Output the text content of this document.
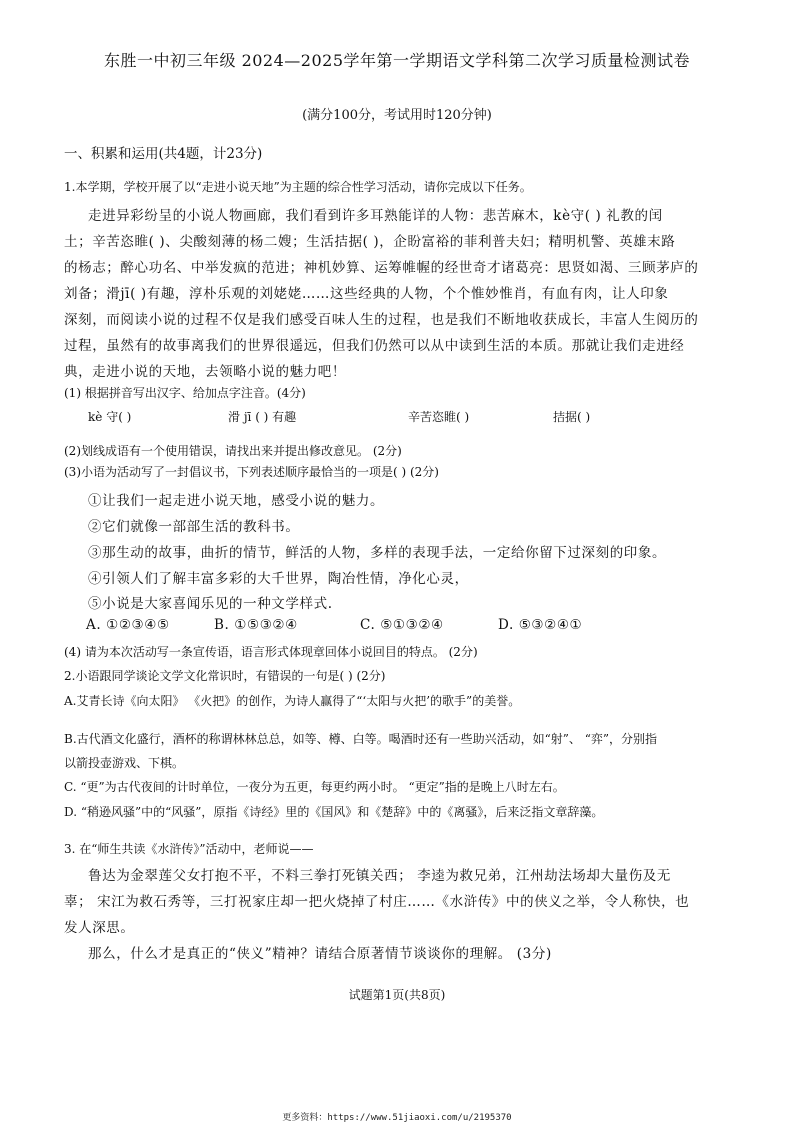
东胜一中初三年级 2024—2025学年第一学期语文学科第二次学习质量检测试卷
(满分100分，考试用时120分钟)
一、积累和运用(共4题，计23分)
1.本学期，学校开展了以“走进小说天地”为主题的综合性学习活动，请你完成以下任务。
走进异彩纷呈的小说人物画廊，我们看到许多耳熟能详的人物：悲苦麻木，kè守( ) 礼教的闰
土；辛苦恣睢( )、尖酸刻薄的杨二嫂；生活拮据( )，企盼富裕的菲利普夫妇；精明机警、英雄末路
的杨志；醉心功名、中举发疯的范进；神机妙算、运筹帷幄的经世奇才诸葛亮：思贤如渴、三顾茅庐的
刘备；滑jī( )有趣，淳朴乐观的刘姥姥……这些经典的人物，个个惟妙惟肖，有血有肉，让人印象
深刻，而阅读小说的过程不仅是我们感受百味人生的过程，也是我们不断地收获成长，丰富人生阅历的
过程，虽然有的故事离我们的世界很遥远，但我们仍然可以从中读到生活的本质。那就让我们走进经
典，走进小说的天地，去领略小说的魅力吧！
(1) 根据拼音写出汉字、给加点字注音。(4分)
kè 守( )	滑 jī ( ) 有趣	辛苦恣睢( )	拮据( )
(2)划线成语有一个使用错误，请找出来并提出修改意见。 (2分)
(3)小语为活动写了一封倡议书，下列表述顺序最恰当的一项是( ) (2分)
①让我们一起走进小说天地，感受小说的魅力。
②它们就像一部部生活的教科书。
③那生动的故事，曲折的情节，鲜活的人物，多样的表现手法，一定给你留下过深刻的印象。
④引领人们了解丰富多彩的大千世界，陶冶性情，净化心灵，
⑤小说是大家喜闻乐见的一种文学样式.
A. ①②③④⑤	B. ①⑤③②④	C. ⑤①③②④	D. ⑤③②④①
(4) 请为本次活动写一条宣传语，语言形式体现章回体小说回目的特点。 (2分)
2.小语跟同学谈论文学文化常识时，有错误的一句是( ) (2分)
A.艾青长诗《向太阳》 《火把》的创作，为诗人赢得了“‘太阳与火把’的歌手”的美誉。
B.古代酒文化盛行，酒杯的称谓林林总总，如等、樽、白等。喝酒时还有一些助兴活动，如“射”、 “弈”，分别指
以箭投壶游戏、下棋。
C. “更”为古代夜间的计时单位，一夜分为五更，每更约两小时。 “更定”指的是晚上八时左右。
D. “稍逊风骚”中的“风骚”，原指《诗经》里的《国风》和《楚辞》中的《离骚》，后来泛指文章辞藻。
3. 在“师生共读《水浒传》”活动中，老师说——
鲁达为金翠莲父女打抱不平，不料三拳打死镇关西； 李逵为救兄弟，江州劫法场却大量伤及无
辜； 宋江为救石秀等，三打祝家庄却一把火烧掉了村庄……《水浒传》中的侠义之举，令人称快，也
发人深思。
那么，什么才是真正的“侠义”精神？请结合原著情节谈谈你的理解。 (3分)
试题第1页(共8页)
更多资料：https://www.51jiaoxi.com/u/2195370
